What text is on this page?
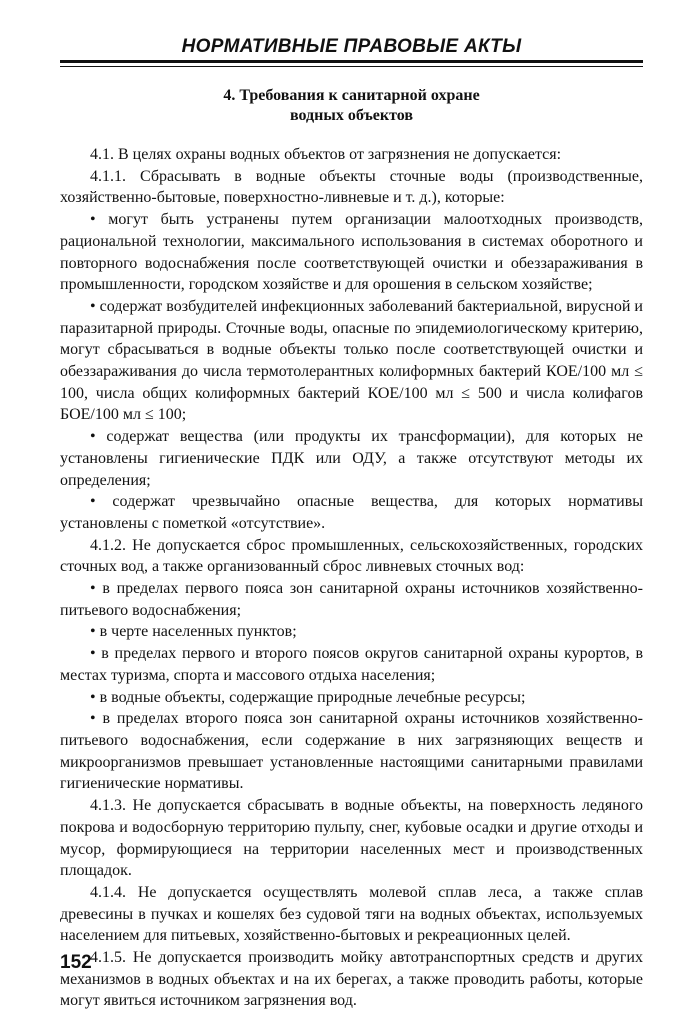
НОРМАТИВНЫЕ ПРАВОВЫЕ АКТЫ
4. Требования к санитарной охране
водных объектов

4.1. В целях охраны водных объектов от загрязнения не допускается:

4.1.1. Сбрасывать в водные объекты сточные воды (производственные, хозяйственно-бытовые, поверхностно-ливневые и т. д.), которые:

• могут быть устранены путем организации малоотходных производств, рациональной технологии, максимального использования в системах оборотного и повторного водоснабжения после соответствующей очистки и обеззараживания в промышленности, городском хозяйстве и для орошения в сельском хозяйстве;

• содержат возбудителей инфекционных заболеваний бактериальной, вирусной и паразитарной природы. Сточные воды, опасные по эпидемиологическому критерию, могут сбрасываться в водные объекты только после соответствующей очистки и обеззараживания до числа термотолерантных колиформных бактерий КОЕ/100 мл ≤ 100, числа общих колиформных бактерий КОЕ/100 мл ≤ 500 и числа колифагов БОЕ/100 мл ≤ 100;

• содержат вещества (или продукты их трансформации), для которых не установлены гигиенические ПДК или ОДУ, а также отсутствуют методы их определения;

• содержат чрезвычайно опасные вещества, для которых нормативы установлены с пометкой «отсутствие».

4.1.2. Не допускается сброс промышленных, сельскохозяйственных, городских сточных вод, а также организованный сброс ливневых сточных вод:

• в пределах первого пояса зон санитарной охраны источников хозяйственно-питьевого водоснабжения;

• в черте населенных пунктов;

• в пределах первого и второго поясов округов санитарной охраны курортов, в местах туризма, спорта и массового отдыха населения;

• в водные объекты, содержащие природные лечебные ресурсы;

• в пределах второго пояса зон санитарной охраны источников хозяйственно-питьевого водоснабжения, если содержание в них загрязняющих веществ и микроорганизмов превышает установленные настоящими санитарными правилами гигиенические нормативы.

4.1.3. Не допускается сбрасывать в водные объекты, на поверхность ледяного покрова и водосборную территорию пульпу, снег, кубовые осадки и другие отходы и мусор, формирующиеся на территории населенных мест и производственных площадок.

4.1.4. Не допускается осуществлять молевой сплав леса, а также сплав древесины в пучках и кошелях без судовой тяги на водных объектах, используемых населением для питьевых, хозяйственно-бытовых и рекреационных целей.

4.1.5. Не допускается производить мойку автотранспортных средств и других механизмов в водных объектах и на их берегах, а также проводить работы, которые могут явиться источником загрязнения вод.

152
